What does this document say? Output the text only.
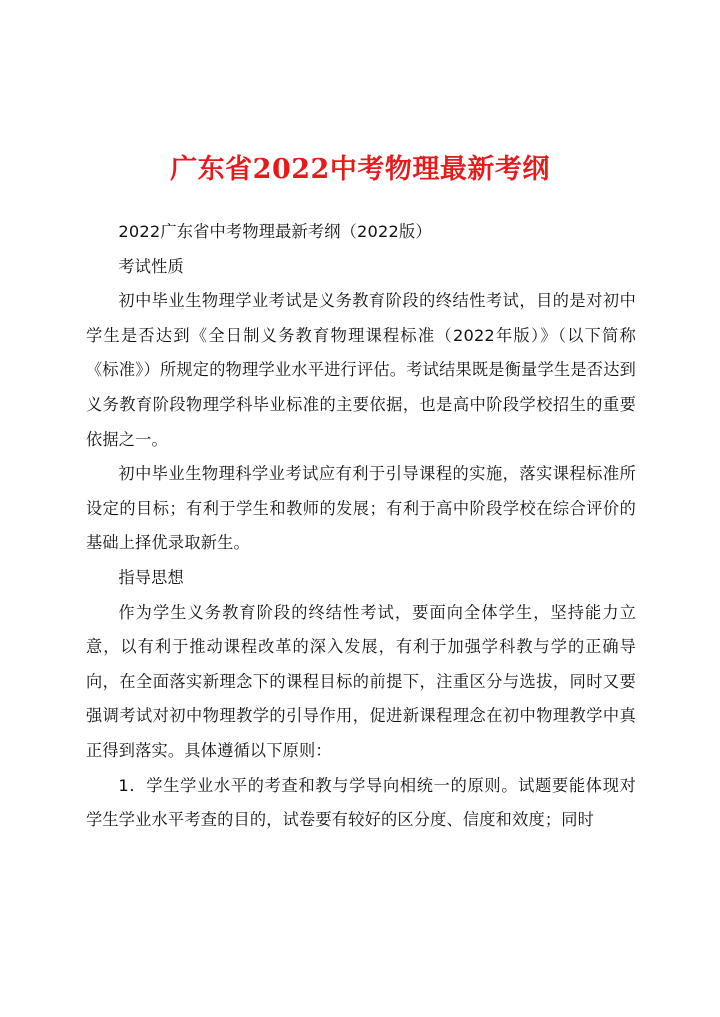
广东省2022中考物理最新考纲

2022广东省中考物理最新考纲（2022版）

考试性质

初中毕业生物理学业考试是义务教育阶段的终结性考试，目的是对初中学生是否达到《全日制义务教育物理课程标准（2022年版）》（以下简称《标准》）所规定的物理学业水平进行评估。考试结果既是衡量学生是否达到义务教育阶段物理学科毕业标准的主要依据，也是高中阶段学校招生的重要依据之一。

初中毕业生物理科学业考试应有利于引导课程的实施，落实课程标准所设定的目标；有利于学生和教师的发展；有利于高中阶段学校在综合评价的基础上择优录取新生。

指导思想

作为学生义务教育阶段的终结性考试，要面向全体学生，坚持能力立意，以有利于推动课程改革的深入发展，有利于加强学科教与学的正确导向，在全面落实新理念下的课程目标的前提下，注重区分与选拔，同时又要强调考试对初中物理教学的引导作用，促进新课程理念在初中物理教学中真正得到落实。具体遵循以下原则：

1．学生学业水平的考查和教与学导向相统一的原则。试题要能体现对学生学业水平考查的目的，试卷要有较好的区分度、信度和效度；同时
